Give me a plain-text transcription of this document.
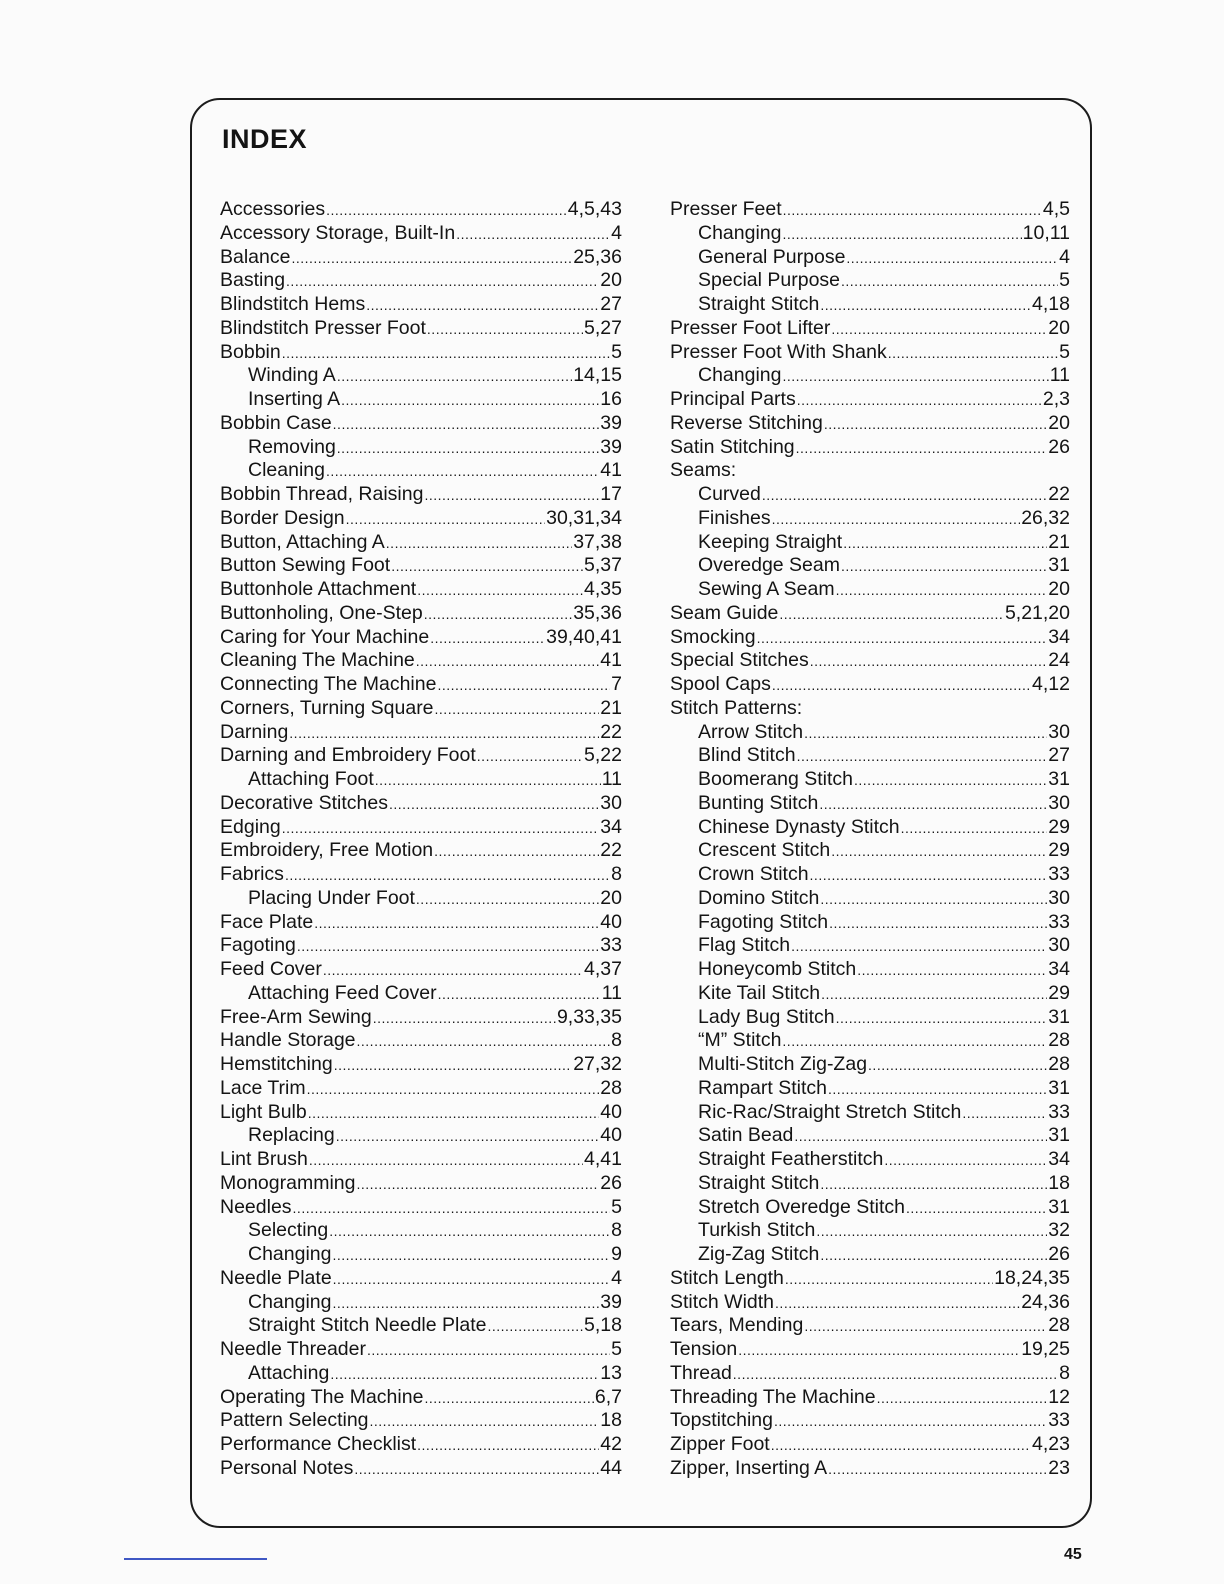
INDEX
Accessories .....	4,5,43
Accessory Storage, Built-In .....	4
Balance .....	25,36
Basting .....	20
Blindstitch Hems .....	27
Blindstitch Presser Foot .....	5,27
Bobbin .....	5
Winding A .....	14,15
Inserting A .....	16
Bobbin Case .....	39
Removing .....	39
Cleaning .....	41
Bobbin Thread, Raising .....	17
Border Design .....	30,31,34
Button, Attaching A .....	37,38
Button Sewing Foot .....	5,37
Buttonhole Attachment .....	4,35
Buttonholing, One-Step .....	35,36
Caring for Your Machine .....	39,40,41
Cleaning The Machine .....	41
Connecting The Machine .....	7
Corners, Turning Square .....	21
Darning .....	22
Darning and Embroidery Foot .....	5,22
Attaching Foot .....	11
Decorative Stitches .....	30
Edging .....	34
Embroidery, Free Motion .....	22
Fabrics .....	8
Placing Under Foot .....	20
Face Plate .....	40
Fagoting .....	33
Feed Cover .....	4,37
Attaching Feed Cover .....	11
Free-Arm Sewing .....	9,33,35
Handle Storage .....	8
Hemstitching .....	27,32
Lace Trim .....	28
Light Bulb .....	40
Replacing .....	40
Lint Brush .....	4,41
Monogramming .....	26
Needles .....	5
Selecting .....	8
Changing .....	9
Needle Plate .....	4
Changing .....	39
Straight Stitch Needle Plate .....	5,18
Needle Threader .....	5
Attaching .....	13
Operating The Machine .....	6,7
Pattern Selecting .....	18
Performance Checklist .....	42
Personal Notes .....	44
Presser Feet .....	4,5
Changing .....	10,11
General Purpose .....	4
Special Purpose .....	5
Straight Stitch .....	4,18
Presser Foot Lifter .....	20
Presser Foot With Shank .....	5
Changing .....	11
Principal Parts .....	2,3
Reverse Stitching .....	20
Satin Stitching .....	26
Seams:
Curved .....	22
Finishes .....	26,32
Keeping Straight .....	21
Overedge Seam .....	31
Sewing A Seam .....	20
Seam Guide .....	5,21,20
Smocking .....	34
Special Stitches .....	24
Spool Caps .....	4,12
Stitch Patterns:
Arrow Stitch .....	30
Blind Stitch .....	27
Boomerang Stitch .....	31
Bunting Stitch .....	30
Chinese Dynasty Stitch .....	29
Crescent Stitch .....	29
Crown Stitch .....	33
Domino Stitch .....	30
Fagoting Stitch .....	33
Flag Stitch .....	30
Honeycomb Stitch .....	34
Kite Tail Stitch .....	29
Lady Bug Stitch .....	31
“M” Stitch .....	28
Multi-Stitch Zig-Zag .....	28
Rampart Stitch .....	31
Ric-Rac/Straight Stretch Stitch .....	33
Satin Bead .....	31
Straight Featherstitch .....	34
Straight Stitch .....	18
Stretch Overedge Stitch .....	31
Turkish Stitch .....	32
Zig-Zag Stitch .....	26
Stitch Length .....	18,24,35
Stitch Width .....	24,36
Tears, Mending .....	28
Tension .....	19,25
Thread .....	8
Threading The Machine .....	12
Topstitching .....	33
Zipper Foot .....	4,23
Zipper, Inserting A .....	23
45
